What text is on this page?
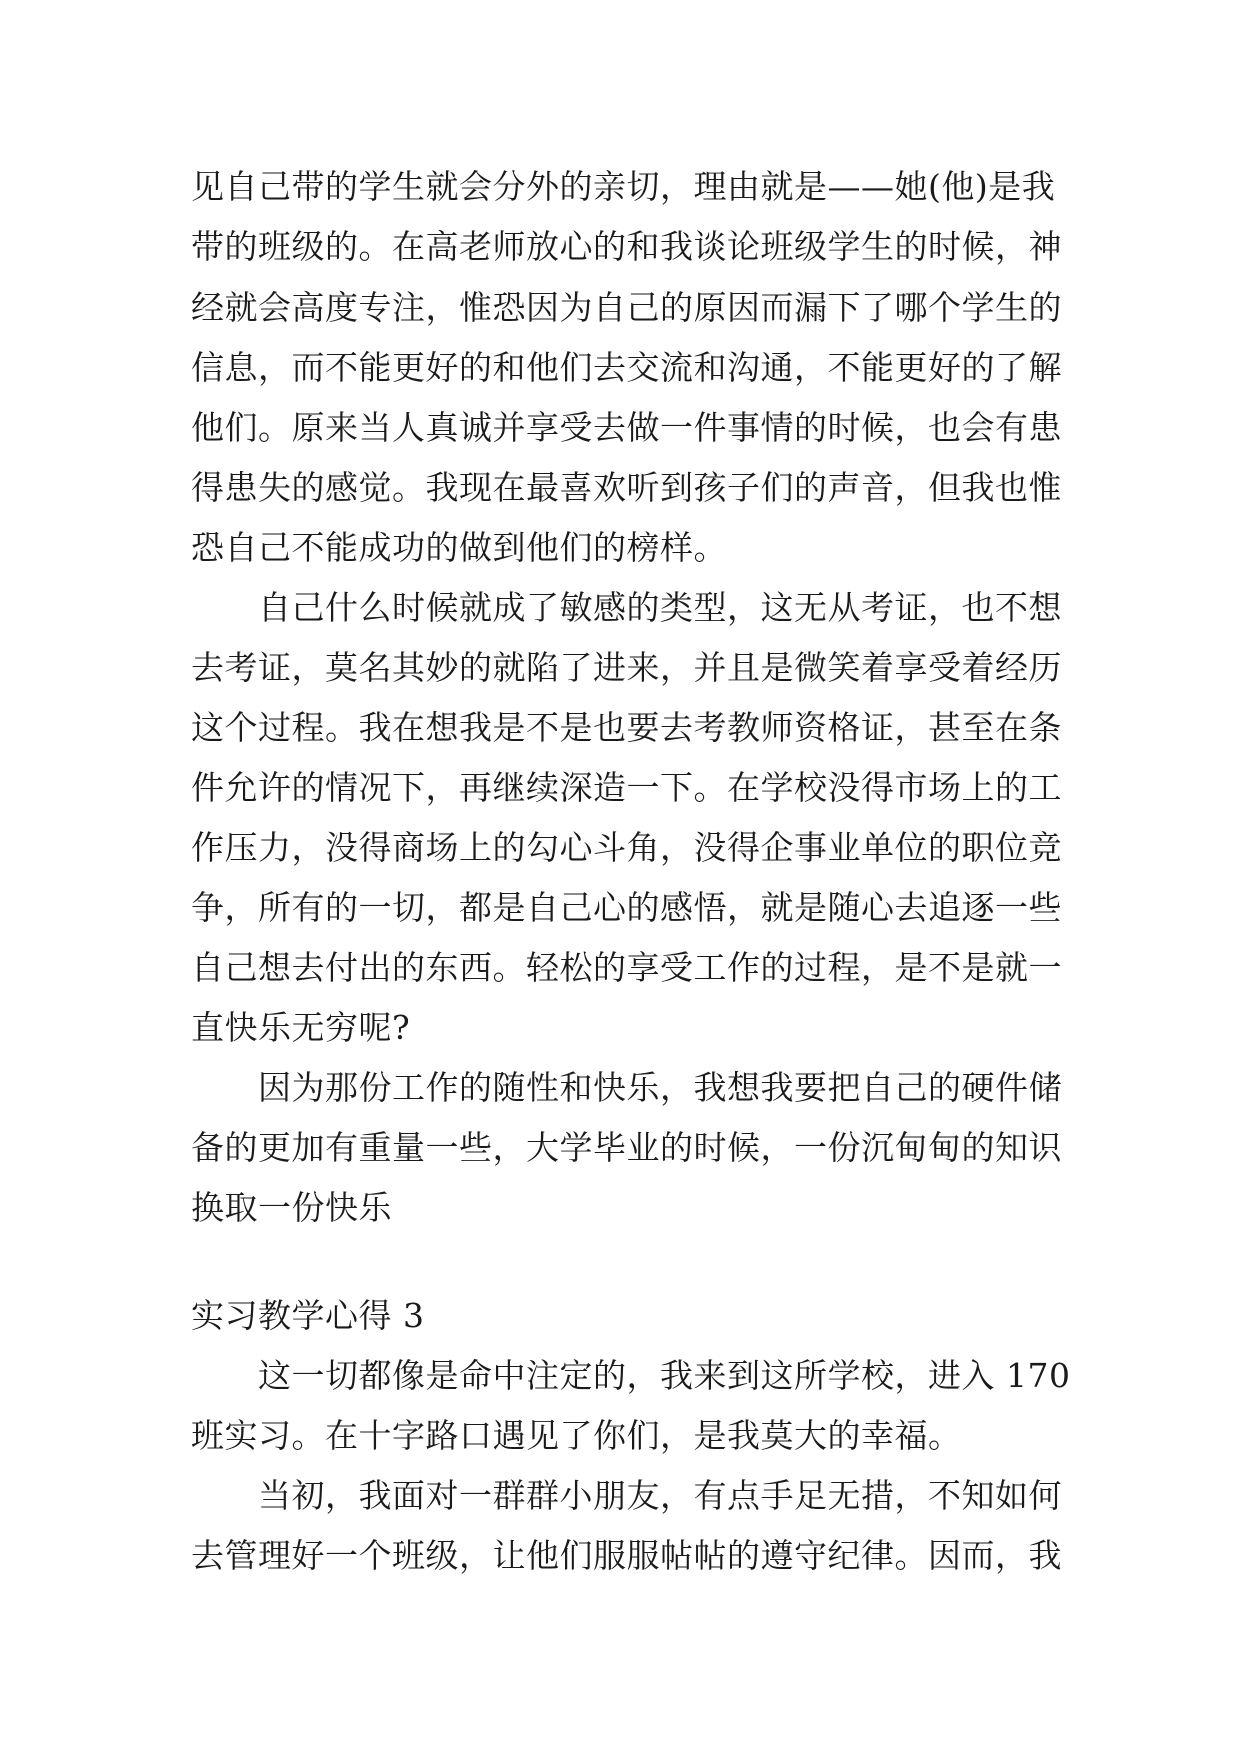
见自己带的学生就会分外的亲切，理由就是——她(他)是我
带的班级的。在高老师放心的和我谈论班级学生的时候，神
经就会高度专注，惟恐因为自己的原因而漏下了哪个学生的
信息，而不能更好的和他们去交流和沟通，不能更好的了解
他们。原来当人真诚并享受去做一件事情的时候，也会有患
得患失的感觉。我现在最喜欢听到孩子们的声音，但我也惟
恐自己不能成功的做到他们的榜样。
自己什么时候就成了敏感的类型，这无从考证，也不想
去考证，莫名其妙的就陷了进来，并且是微笑着享受着经历
这个过程。我在想我是不是也要去考教师资格证，甚至在条
件允许的情况下，再继续深造一下。在学校没得市场上的工
作压力，没得商场上的勾心斗角，没得企事业单位的职位竞
争，所有的一切，都是自己心的感悟，就是随心去追逐一些
自己想去付出的东西。轻松的享受工作的过程，是不是就一
直快乐无穷呢?
因为那份工作的随性和快乐，我想我要把自己的硬件储
备的更加有重量一些，大学毕业的时候，一份沉甸甸的知识
换取一份快乐
实习教学心得 3
这一切都像是命中注定的，我来到这所学校，进入 170
班实习。在十字路口遇见了你们，是我莫大的幸福。
当初，我面对一群群小朋友，有点手足无措，不知如何
去管理好一个班级，让他们服服帖帖的遵守纪律。因而，我
